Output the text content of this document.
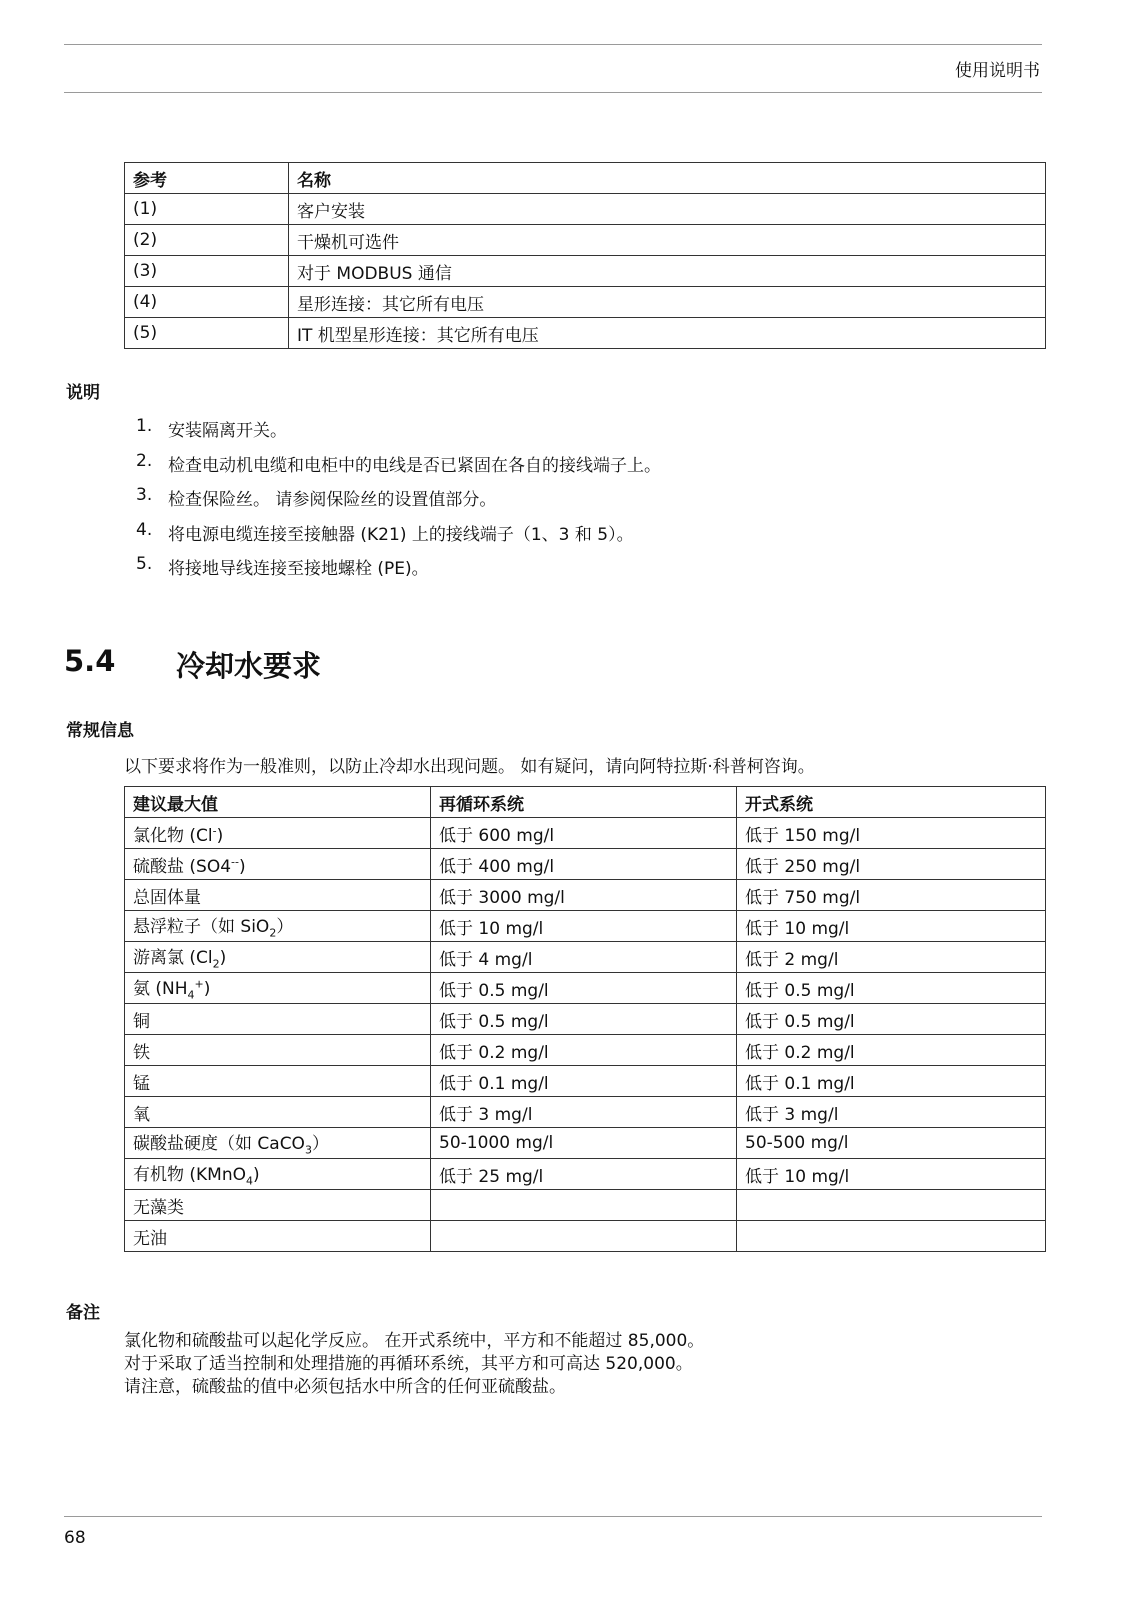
使用说明书
参考	名称
(1)	客户安装
(2)	干燥机可选件
(3)	对于 MODBUS 通信
(4)	星形连接：其它所有电压
(5)	IT 机型星形连接：其它所有电压
说明
1. 安装隔离开关。
2. 检查电动机电缆和电柜中的电线是否已紧固在各自的接线端子上。
3. 检查保险丝。 请参阅保险丝的设置值部分。
4. 将电源电缆连接至接触器 (K21) 上的接线端子（1、3 和 5）。
5. 将接地导线连接至接地螺栓 (PE)。
5.4	冷却水要求
常规信息
以下要求将作为一般准则，以防止冷却水出现问题。 如有疑问，请向阿特拉斯·科普柯咨询。
建议最大值	再循环系统	开式系统
氯化物 (Cl-)	低于 600 mg/l	低于 150 mg/l
硫酸盐 (SO4--)	低于 400 mg/l	低于 250 mg/l
总固体量	低于 3000 mg/l	低于 750 mg/l
悬浮粒子（如 SiO$_2$）	低于 10 mg/l	低于 10 mg/l
游离氯 $(Cl_2)$	低于 4 mg/l	低于 2 mg/l
氨 $(NH_4^+)$	低于 0.5 mg/l	低于 0.5 mg/l
铜	低于 0.5 mg/l	低于 0.5 mg/l
铁	低于 0.2 mg/l	低于 0.2 mg/l
锰	低于 0.1 mg/l	低于 0.1 mg/l
氧	低于 3 mg/l	低于 3 mg/l
碳酸盐硬度（如 CaCO$_3$）	50-1000 mg/l	50-500 mg/l
有机物 (KMnO$_4$)	低于 25 mg/l	低于 10 mg/l
无藻类		
无油		
备注
氯化物和硫酸盐可以起化学反应。 在开式系统中，平方和不能超过 85,000。
对于采取了适当控制和处理措施的再循环系统，其平方和可高达 520,000。
请注意，硫酸盐的值中必须包括水中所含的任何亚硫酸盐。
68
